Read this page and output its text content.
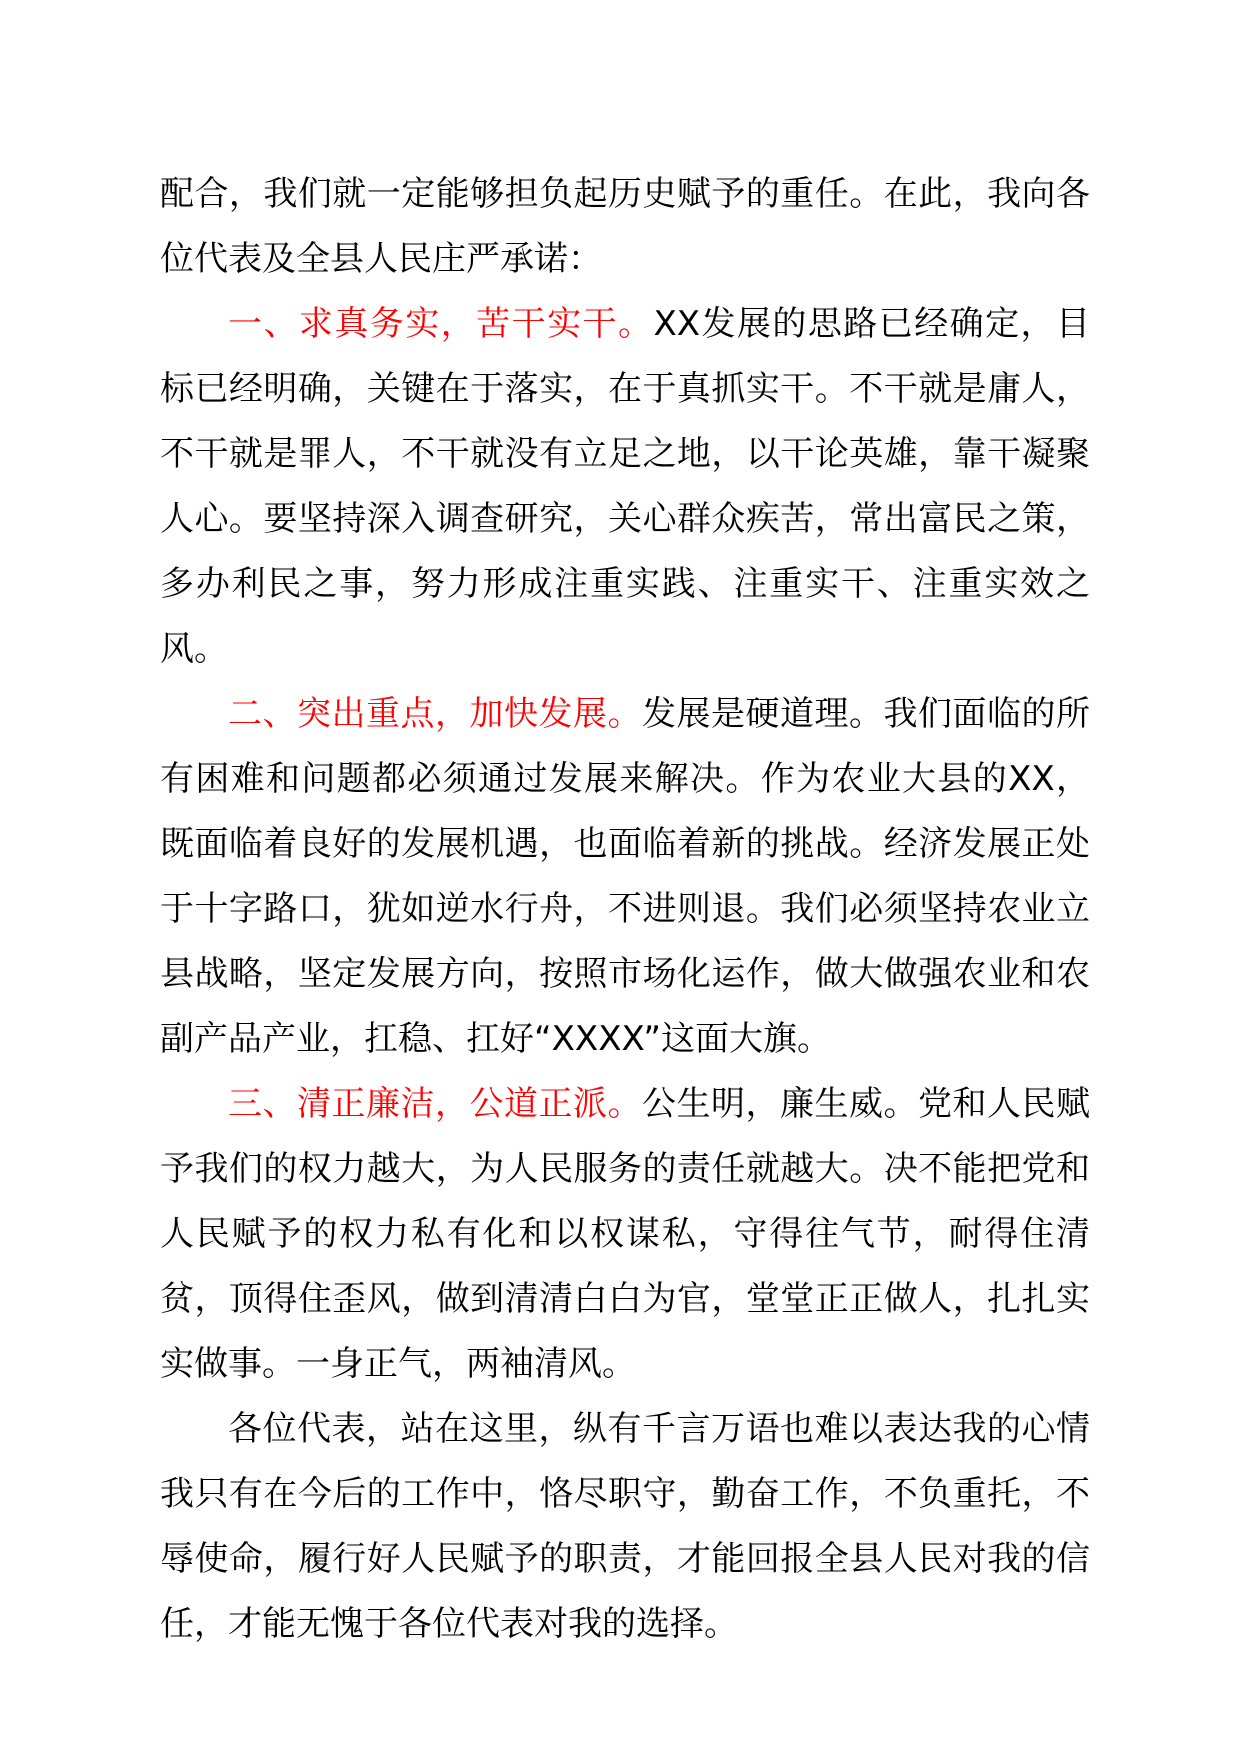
配合，我们就一定能够担负起历史赋予的重任。在此，我向各位代表及全县人民庄严承诺：

一、求真务实，苦干实干。XX发展的思路已经确定，目标已经明确，关键在于落实，在于真抓实干。不干就是庸人，不干就是罪人，不干就没有立足之地，以干论英雄，靠干凝聚人心。要坚持深入调查研究，关心群众疾苦，常出富民之策，多办利民之事，努力形成注重实践、注重实干、注重实效之风。

二、突出重点，加快发展。发展是硬道理。我们面临的所有困难和问题都必须通过发展来解决。作为农业大县的XX，既面临着良好的发展机遇，也面临着新的挑战。经济发展正处于十字路口，犹如逆水行舟，不进则退。我们必须坚持农业立县战略，坚定发展方向，按照市场化运作，做大做强农业和农副产品产业，扛稳、扛好“XXXX”这面大旗。

三、清正廉洁，公道正派。公生明，廉生威。党和人民赋予我们的权力越大，为人民服务的责任就越大。决不能把党和人民赋予的权力私有化和以权谋私，守得往气节，耐得住清贫，顶得住歪风，做到清清白白为官，堂堂正正做人，扎扎实实做事。一身正气，两袖清风。

各位代表，站在这里，纵有千言万语也难以表达我的心情我只有在今后的工作中，恪尽职守，勤奋工作，不负重托，不辱使命，履行好人民赋予的职责，才能回报全县人民对我的信任，才能无愧于各位代表对我的选择。
